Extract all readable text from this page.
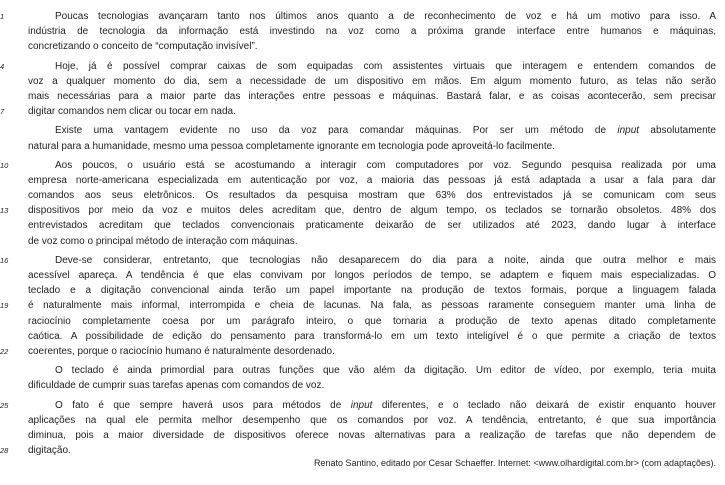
1	Poucas tecnologias avançaram tanto nos últimos anos quanto a de reconhecimento de voz e há um motivo para isso. A
indústria de tecnologia da informação está investindo na voz como a próxima grande interface entre humanos e máquinas,
concretizando o conceito de “computação invisível”.
4	Hoje, já é possível comprar caixas de som equipadas com assistentes virtuais que interagem e entendem comandos de
voz a qualquer momento do dia, sem a necessidade de um dispositivo em mãos. Em algum momento futuro, as telas não serão
mais necessárias para a maior parte das interações entre pessoas e máquinas. Bastará falar, e as coisas acontecerão, sem precisar
7	digitar comandos nem clicar ou tocar em nada.
Existe uma vantagem evidente no uso da voz para comandar máquinas. Por ser um método de input absolutamente
natural para a humanidade, mesmo uma pessoa completamente ignorante em tecnologia pode aproveitá-lo facilmente.
10	Aos poucos, o usuário está se acostumando a interagir com computadores por voz. Segundo pesquisa realizada por uma
empresa norte-americana especializada em autenticação por voz, a maioria das pessoas já está adaptada a usar a fala para dar
comandos aos seus eletrônicos. Os resultados da pesquisa mostram que 63% dos entrevistados já se comunicam com seus
13	dispositivos por meio da voz e muitos deles acreditam que, dentro de algum tempo, os teclados se tornarão obsoletos. 48% dos
entrevistados acreditam que teclados convencionais praticamente deixarão de ser utilizados até 2023, dando lugar à interface
de voz como o principal método de interação com máquinas.
16	Deve-se considerar, entretanto, que tecnologias não desaparecem do dia para a noite, ainda que outra melhor e mais
acessível apareça. A tendência é que elas convivam por longos períodos de tempo, se adaptem e fiquem mais especializadas. O
teclado e a digitação convencional ainda terão um papel importante na produção de textos formais, porque a linguagem falada
19	é naturalmente mais informal, interrompida e cheia de lacunas. Na fala, as pessoas raramente conseguem manter uma linha de
raciocínio completamente coesa por um parágrafo inteiro, o que tornaria a produção de texto apenas ditado completamente
caótica. A possibilidade de edição do pensamento para transformá-lo em um texto inteligível é o que permite a criação de textos
22	coerentes, porque o raciocínio humano é naturalmente desordenado.
O teclado é ainda primordial para outras funções que vão além da digitação. Um editor de vídeo, por exemplo, teria muita
dificuldade de cumprir suas tarefas apenas com comandos de voz.
25	O fato é que sempre haverá usos para métodos de input diferentes, e o teclado não deixará de existir enquanto houver
aplicações na qual ele permita melhor desempenho que os comandos por voz. A tendência, entretanto, é que sua importância
diminua, pois a maior diversidade de dispositivos oferece novas alternativas para a realização de tarefas que não dependem de
28	digitação.
Renato Santino, editado por Cesar Schaeffer. Internet: <www.olhardigital.com.br> (com adaptações).
